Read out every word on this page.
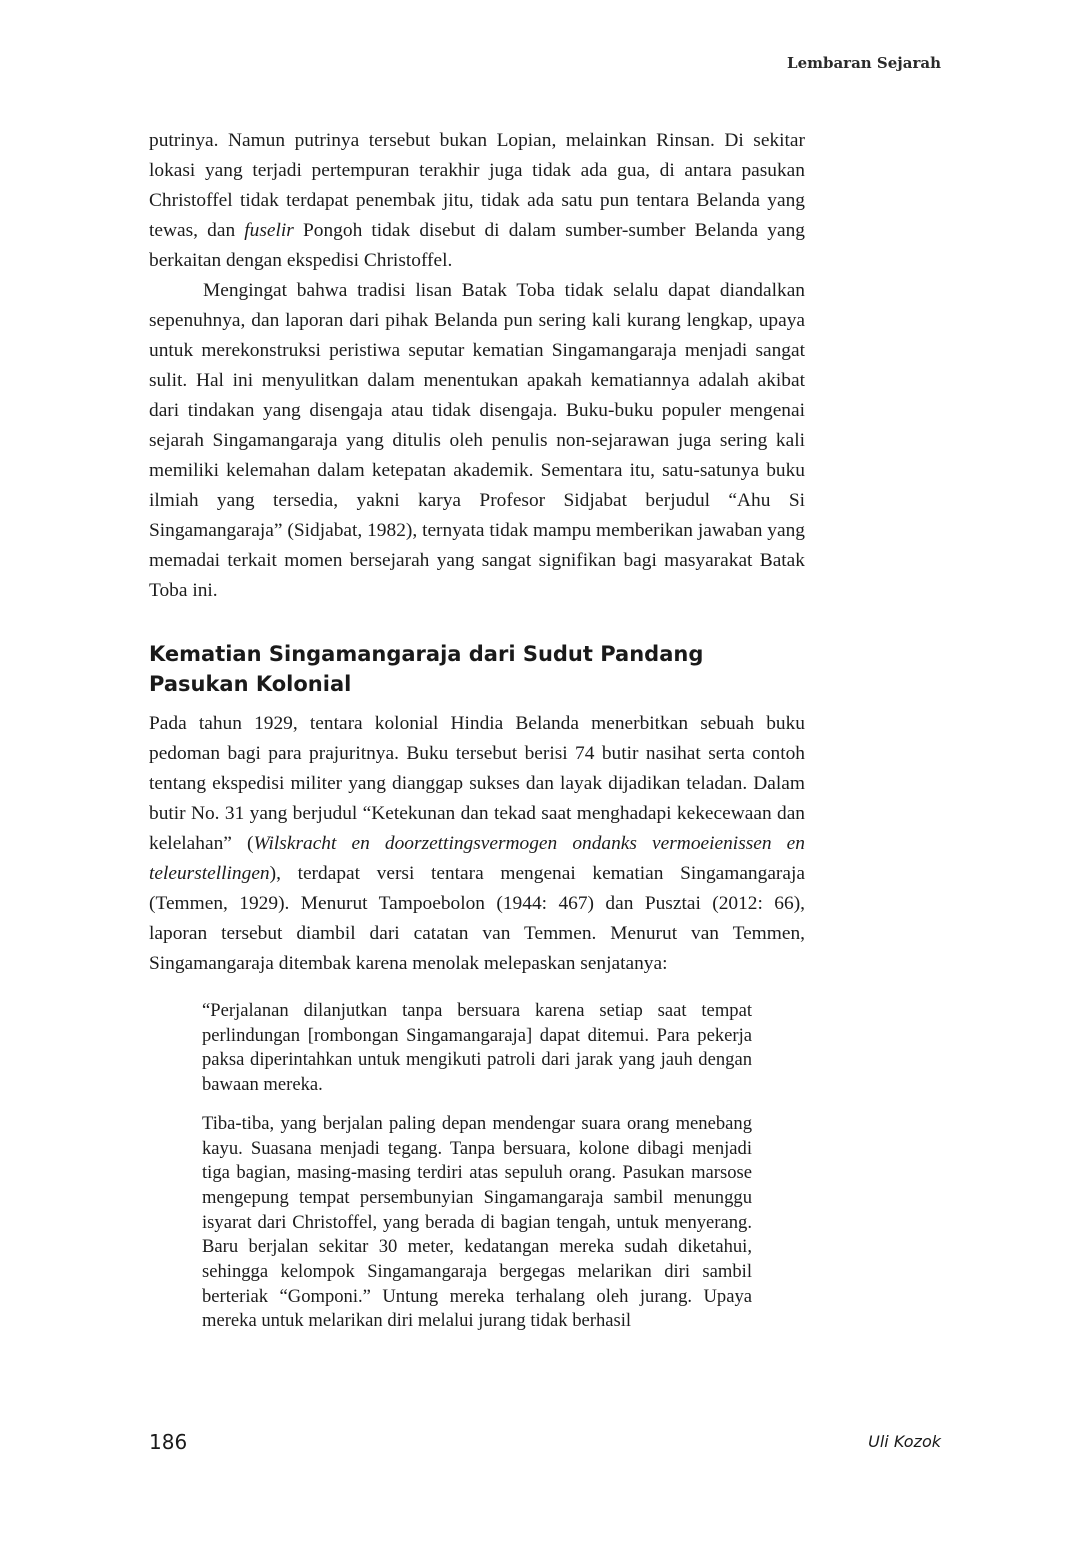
Lembaran Sejarah

putrinya. Namun putrinya tersebut bukan Lopian, melainkan Rinsan. Di sekitar lokasi yang terjadi pertempuran terakhir juga tidak ada gua, di antara pasukan Christoffel tidak terdapat penembak jitu, tidak ada satu pun tentara Belanda yang tewas, dan fuselir Pongoh tidak disebut di dalam sumber-sumber Belanda yang berkaitan dengan ekspedisi Christoffel.

Mengingat bahwa tradisi lisan Batak Toba tidak selalu dapat diandalkan sepenuhnya, dan laporan dari pihak Belanda pun sering kali kurang lengkap, upaya untuk merekonstruksi peristiwa seputar kematian Singamangaraja menjadi sangat sulit. Hal ini menyulitkan dalam menentukan apakah kematiannya adalah akibat dari tindakan yang disengaja atau tidak disengaja. Buku-buku populer mengenai sejarah Singamangaraja yang ditulis oleh penulis non-sejarawan juga sering kali memiliki kelemahan dalam ketepatan akademik. Sementara itu, satu-satunya buku ilmiah yang tersedia, yakni karya Profesor Sidjabat berjudul “Ahu Si Singamangaraja” (Sidjabat, 1982), ternyata tidak mampu memberikan jawaban yang memadai terkait momen bersejarah yang sangat signifikan bagi masyarakat Batak Toba ini.

Kematian Singamangaraja dari Sudut Pandang Pasukan Kolonial

Pada tahun 1929, tentara kolonial Hindia Belanda menerbitkan sebuah buku pedoman bagi para prajuritnya. Buku tersebut berisi 74 butir nasihat serta contoh tentang ekspedisi militer yang dianggap sukses dan layak dijadikan teladan. Dalam butir No. 31 yang berjudul “Ketekunan dan tekad saat menghadapi kekecewaan dan kelelahan” (Wilskracht en doorzettingsvermogen ondanks vermoeienissen en teleurstellingen), terdapat versi tentara mengenai kematian Singamangaraja (Temmen, 1929). Menurut Tampoebolon (1944: 467) dan Pusztai (2012: 66), laporan tersebut diambil dari catatan van Temmen. Menurut van Temmen, Singamangaraja ditembak karena menolak melepaskan senjatanya:

“Perjalanan dilanjutkan tanpa bersuara karena setiap saat tempat perlindungan [rombongan Singamangaraja] dapat ditemui. Para pekerja paksa diperintahkan untuk mengikuti patroli dari jarak yang jauh dengan bawaan mereka.

Tiba-tiba, yang berjalan paling depan mendengar suara orang menebang kayu. Suasana menjadi tegang. Tanpa bersuara, kolone dibagi menjadi tiga bagian, masing-masing terdiri atas sepuluh orang. Pasukan marsose mengepung tempat persembunyian Singamangaraja sambil menunggu isyarat dari Christoffel, yang berada di bagian tengah, untuk menyerang. Baru berjalan sekitar 30 meter, kedatangan mereka sudah diketahui, sehingga kelompok Singamangaraja bergegas melarikan diri sambil berteriak “Gomponi.” Untung mereka terhalang oleh jurang. Upaya mereka untuk melarikan diri melalui jurang tidak berhasil

186	Uli Kozok
